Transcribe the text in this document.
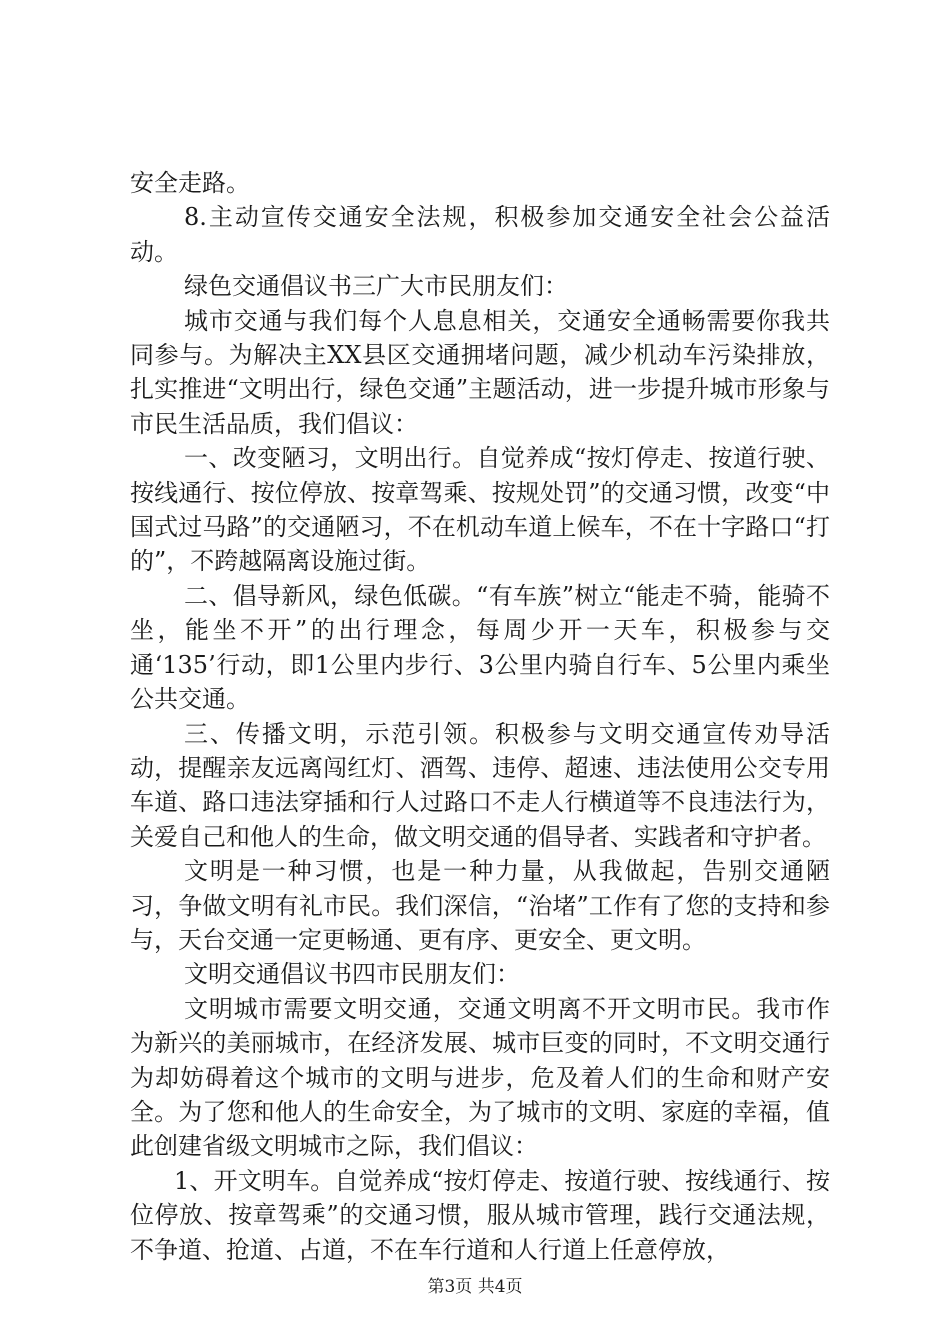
安全走路。

8.主动宣传交通安全法规，积极参加交通安全社会公益活动。

绿色交通倡议书三广大市民朋友们：

城市交通与我们每个人息息相关，交通安全通畅需要你我共同参与。为解决主XX县区交通拥堵问题，减少机动车污染排放，扎实推进“文明出行，绿色交通”主题活动，进一步提升城市形象与市民生活品质，我们倡议：

一、改变陋习，文明出行。自觉养成“按灯停走、按道行驶、按线通行、按位停放、按章驾乘、按规处罚”的交通习惯，改变“中国式过马路”的交通陋习，不在机动车道上候车，不在十字路口“打的”，不跨越隔离设施过街。

二、倡导新风，绿色低碳。“有车族”树立“能走不骑，能骑不坐，能坐不开”的出行理念，每周少开一天车，积极参与交通‘135’行动，即1公里内步行、3公里内骑自行车、5公里内乘坐公共交通。

三、传播文明，示范引领。积极参与文明交通宣传劝导活动，提醒亲友远离闯红灯、酒驾、违停、超速、违法使用公交专用车道、路口违法穿插和行人过路口不走人行横道等不良违法行为，关爱自己和他人的生命，做文明交通的倡导者、实践者和守护者。

文明是一种习惯，也是一种力量，从我做起，告别交通陋习，争做文明有礼市民。我们深信，“治堵”工作有了您的支持和参与，天台交通一定更畅通、更有序、更安全、更文明。

文明交通倡议书四市民朋友们：

文明城市需要文明交通，交通文明离不开文明市民。我市作为新兴的美丽城市，在经济发展、城市巨变的同时，不文明交通行为却妨碍着这个城市的文明与进步，危及着人们的生命和财产安全。为了您和他人的生命安全，为了城市的文明、家庭的幸福，值此创建省级文明城市之际，我们倡议：

1、开文明车。自觉养成“按灯停走、按道行驶、按线通行、按位停放、按章驾乘”的交通习惯，服从城市管理，践行交通法规，不争道、抢道、占道，不在车行道和人行道上任意停放，

第3页 共4页
